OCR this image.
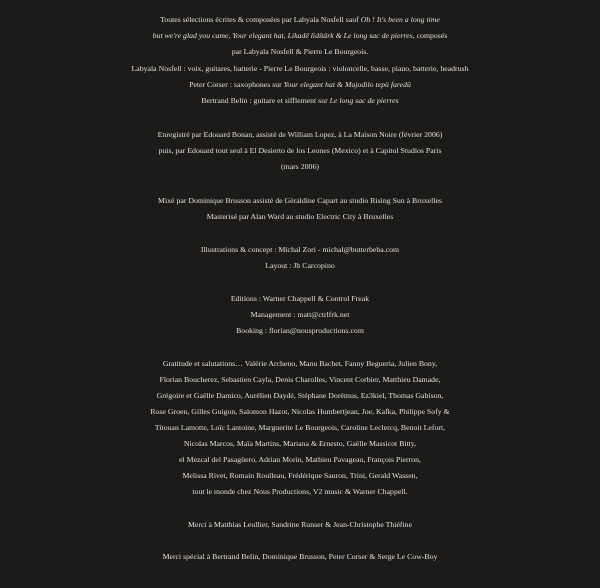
Toutes sélections écrites & composées par Labyala Nosfell sauf Oh ! It's been a long time
but we're glad you came, Your elegant hat, Likadë lidítärk & Le long sac de pierres, composés
par Labyala Nosfell & Pierre Le Bourgeois.
Labyala Nosfell : voix, guitares, batterie - Pierre Le Bourgeois : violoncelle, basse, piano, batterie, headrush
Peter Corser : saxophones sur Your elegant hat & Majodilo tepü faredü
Bertrand Belin : guitare et sifflement sur Le long sac de pierres
Enregistré par Edouard Bonan, assisté de William Lopez, à La Maison Noire (février 2006)
puis, par Edouard tout seul à El Desierto de los Leones (Mexico) et à Capitol Studios Paris
(mars 2006)
Mixé par Dominique Brusson assisté de Géraldine Capart au studio Rising Sun à Bruxelles
Masterisé par Alan Ward au studio Electric City à Bruxelles
Illustrations & concept : Michal Zori - michal@butterbeba.com
Layout : Jb Carcopino
Editions : Warner Chappell & Control Freak
Management : matt@ctrlfrk.net
Booking : florian@nousproductions.com
Gratitude et salutations… Valérie Archeno, Manu Bachet, Fanny Begueria, Julien Bony,
Florian Boucherez, Sebastien Cayla, Denis Charolles, Vincent Corbier, Matthieu Damade,
Grégoire et Gaëlle Damico, Aurélien Daydé, Stéphane Dorémus, Ez3kiel, Thomas Gabison,
Rose Groen, Gilles Guigon, Salomon Hazot, Nicolas Humbertjean, Joe, Kafka, Philippe Sofy &
Titouan Lamotte, Loïc Lantoine, Marguerite Le Bourgeois, Caroline Leclercq, Benoit Lefort,
Nicolas Marcos, Maïa Martins, Mariana & Ernesto, Gaëlle Massicot Bitty,
el Mezcal del Pasagüero, Adrian Morin, Mathieu Pavageau, François Pierron,
Melissa Rivet, Romain Roulleau, Frédérique Sauron, Trini, Gerald Wassen,
tout le monde chez Nous Productions, V2 music & Warner Chappell.
Merci à Matthias Leullier, Sandrine Runser & Jean-Christophe Thiéfine
Merci spécial à Bertrand Belin, Dominique Brusson, Peter Corser & Serge Le Cow-Boy
